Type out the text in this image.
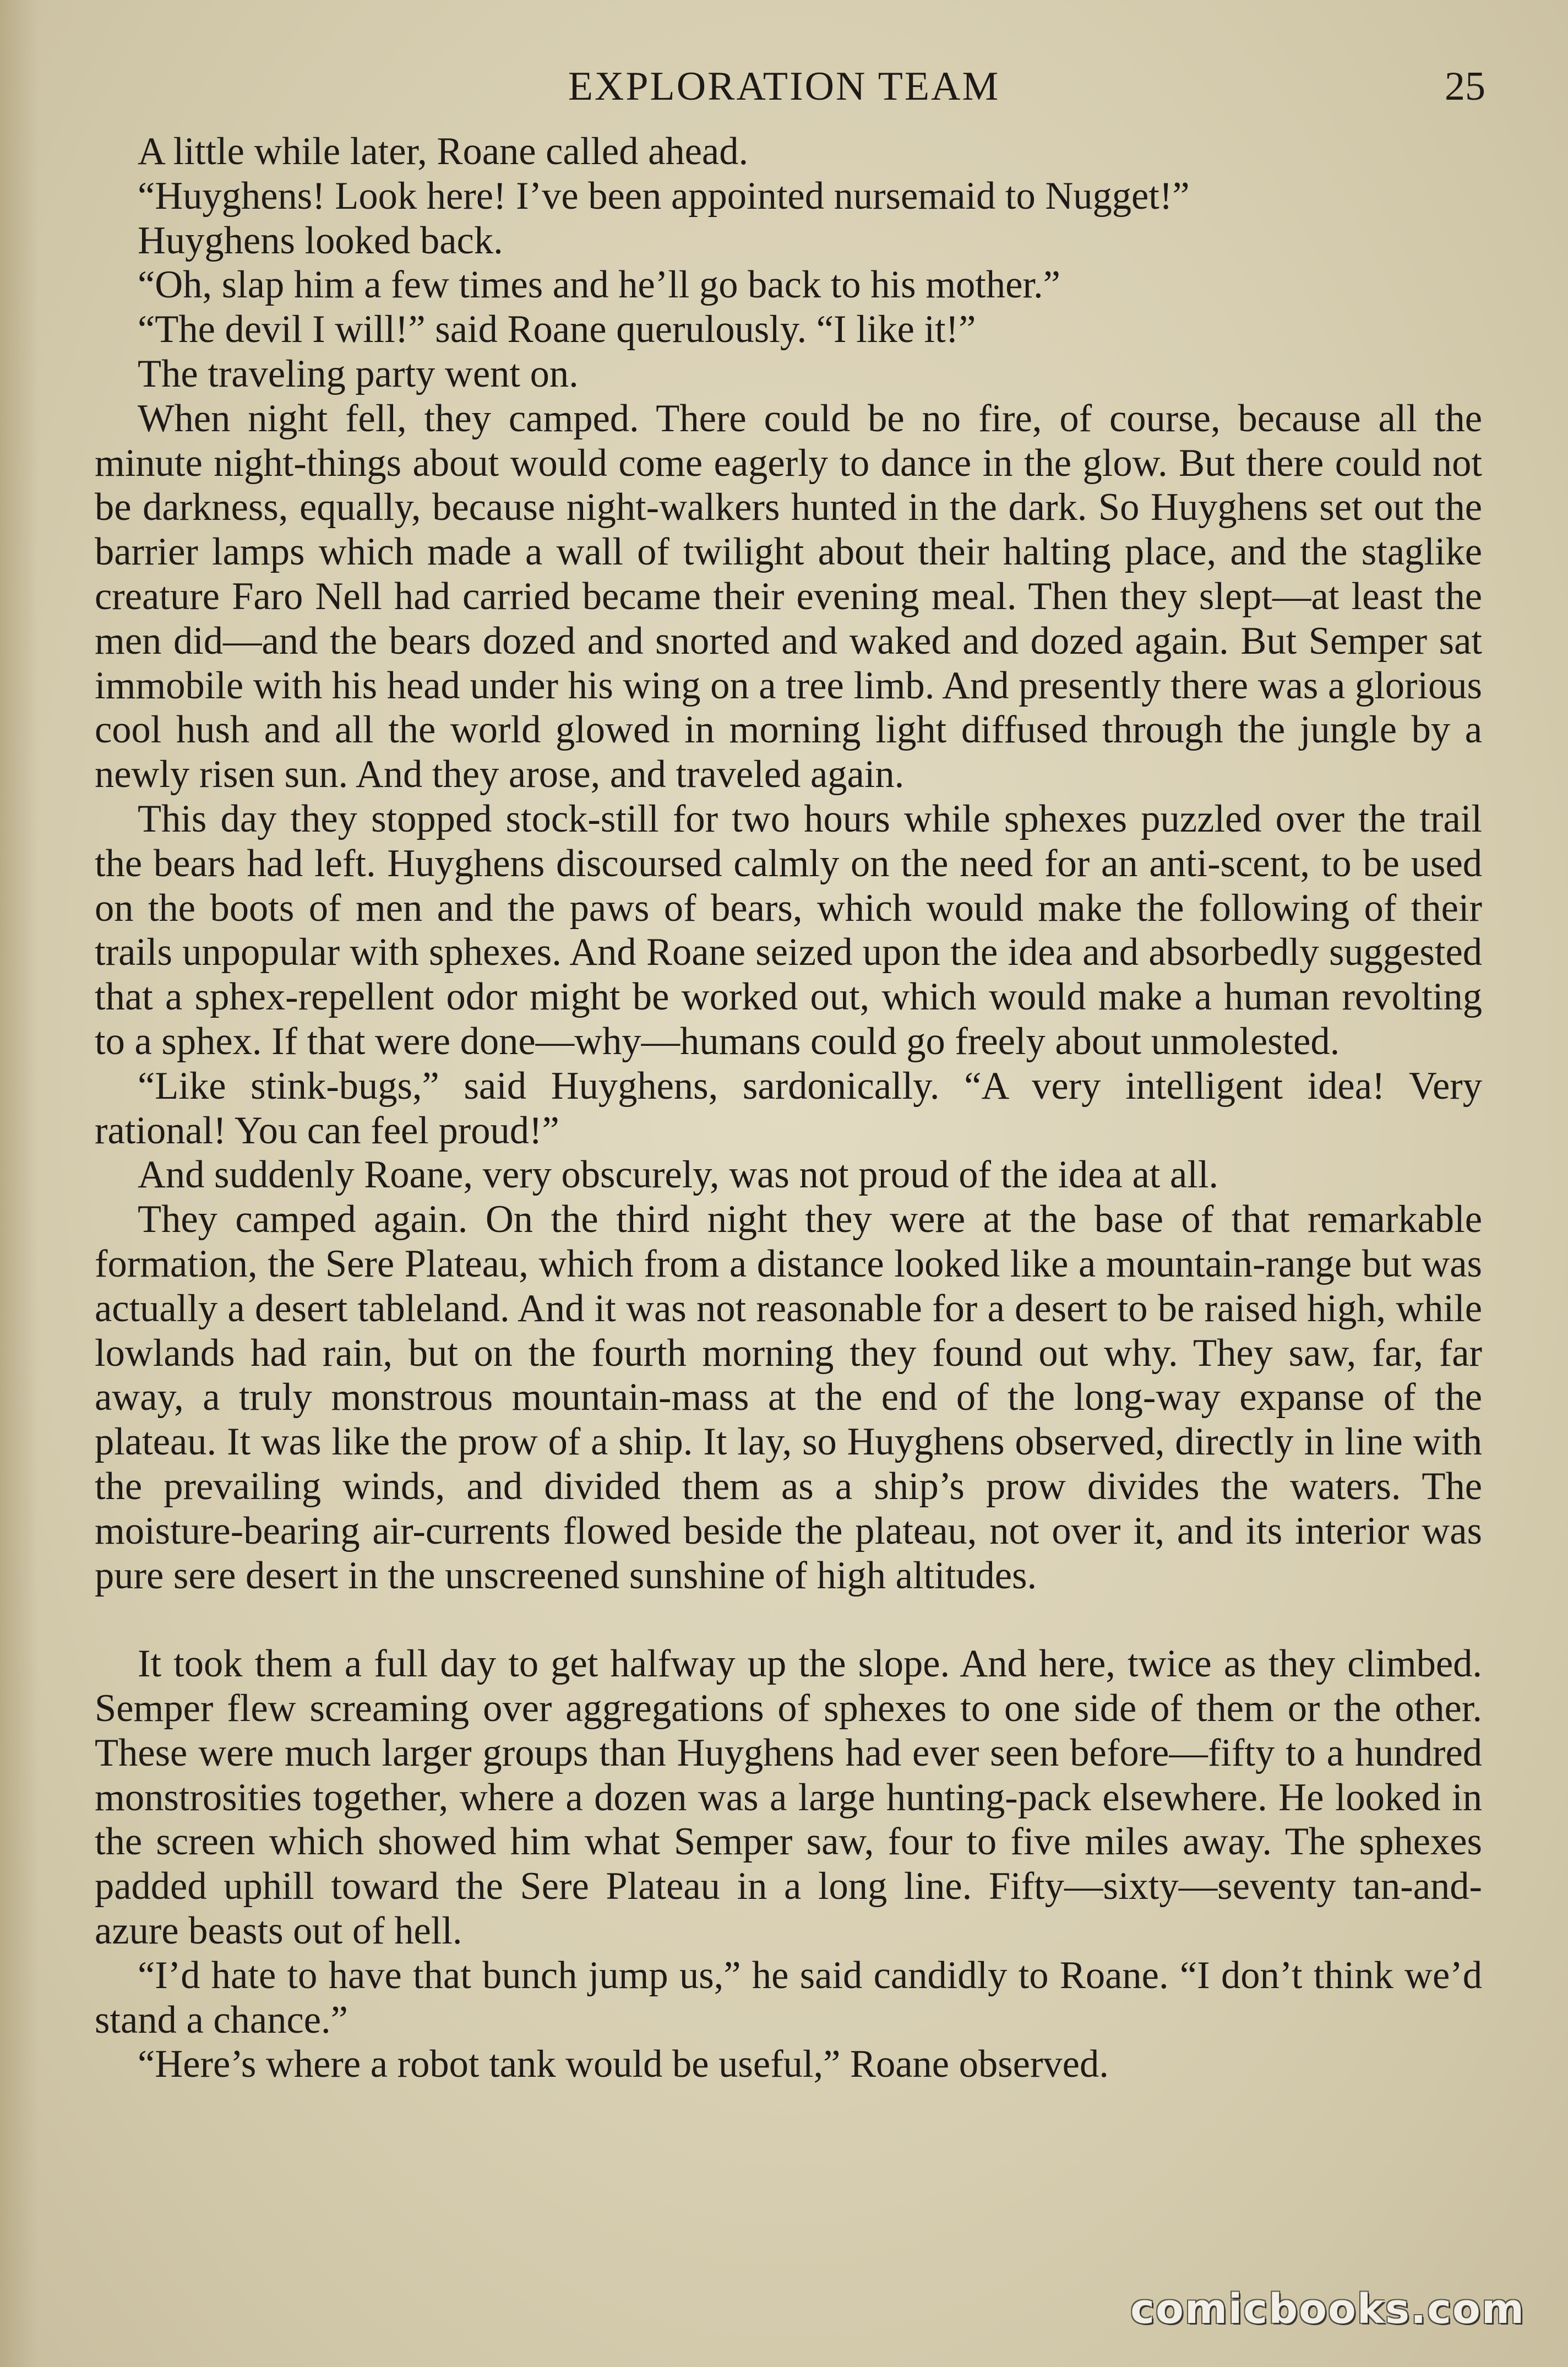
EXPLORATION TEAM	25

A little while later, Roane called ahead.

“Huyghens! Look here! I’ve been appointed nursemaid to Nugget!”

Huyghens looked back.

“Oh, slap him a few times and he’ll go back to his mother.”

“The devil I will!” said Roane querulously. “I like it!”

The traveling party went on.

When night fell, they camped. There could be no fire, of course, because all the minute night-things about would come eagerly to dance in the glow. But there could not be darkness, equally, because night-walkers hunted in the dark. So Huyghens set out the barrier lamps which made a wall of twilight about their halting place, and the staglike creature Faro Nell had carried became their evening meal. Then they slept—at least the men did—and the bears dozed and snorted and waked and dozed again. But Semper sat immobile with his head under his wing on a tree limb. And presently there was a glorious cool hush and all the world glowed in morning light diffused through the jungle by a newly risen sun. And they arose, and traveled again.

This day they stopped stock-still for two hours while sphexes puzzled over the trail the bears had left. Huyghens discoursed calmly on the need for an anti-scent, to be used on the boots of men and the paws of bears, which would make the following of their trails unpopular with sphexes. And Roane seized upon the idea and absorbedly suggested that a sphex-repellent odor might be worked out, which would make a human revolting to a sphex. If that were done—why—humans could go freely about unmolested.

“Like stink-bugs,” said Huyghens, sardonically. “A very intelligent idea! Very rational! You can feel proud!”

And suddenly Roane, very obscurely, was not proud of the idea at all.

They camped again. On the third night they were at the base of that remarkable formation, the Sere Plateau, which from a distance looked like a mountain-range but was actually a desert tableland. And it was not reasonable for a desert to be raised high, while lowlands had rain, but on the fourth morning they found out why. They saw, far, far away, a truly monstrous mountain-mass at the end of the long-way expanse of the plateau. It was like the prow of a ship. It lay, so Huyghens observed, directly in line with the prevailing winds, and divided them as a ship’s prow divides the waters. The moisture-bearing air-currents flowed beside the plateau, not over it, and its interior was pure sere desert in the unscreened sunshine of high altitudes.

It took them a full day to get halfway up the slope. And here, twice as they climbed. Semper flew screaming over aggregations of sphexes to one side of them or the other. These were much larger groups than Huyghens had ever seen before—fifty to a hundred monstrosities together, where a dozen was a large hunting-pack elsewhere. He looked in the screen which showed him what Semper saw, four to five miles away. The sphexes padded uphill toward the Sere Plateau in a long line. Fifty—sixty—seventy tan-and-azure beasts out of hell.

“I’d hate to have that bunch jump us,” he said candidly to Roane. “I don’t think we’d stand a chance.”

“Here’s where a robot tank would be useful,” Roane observed.

comicbooks.com
